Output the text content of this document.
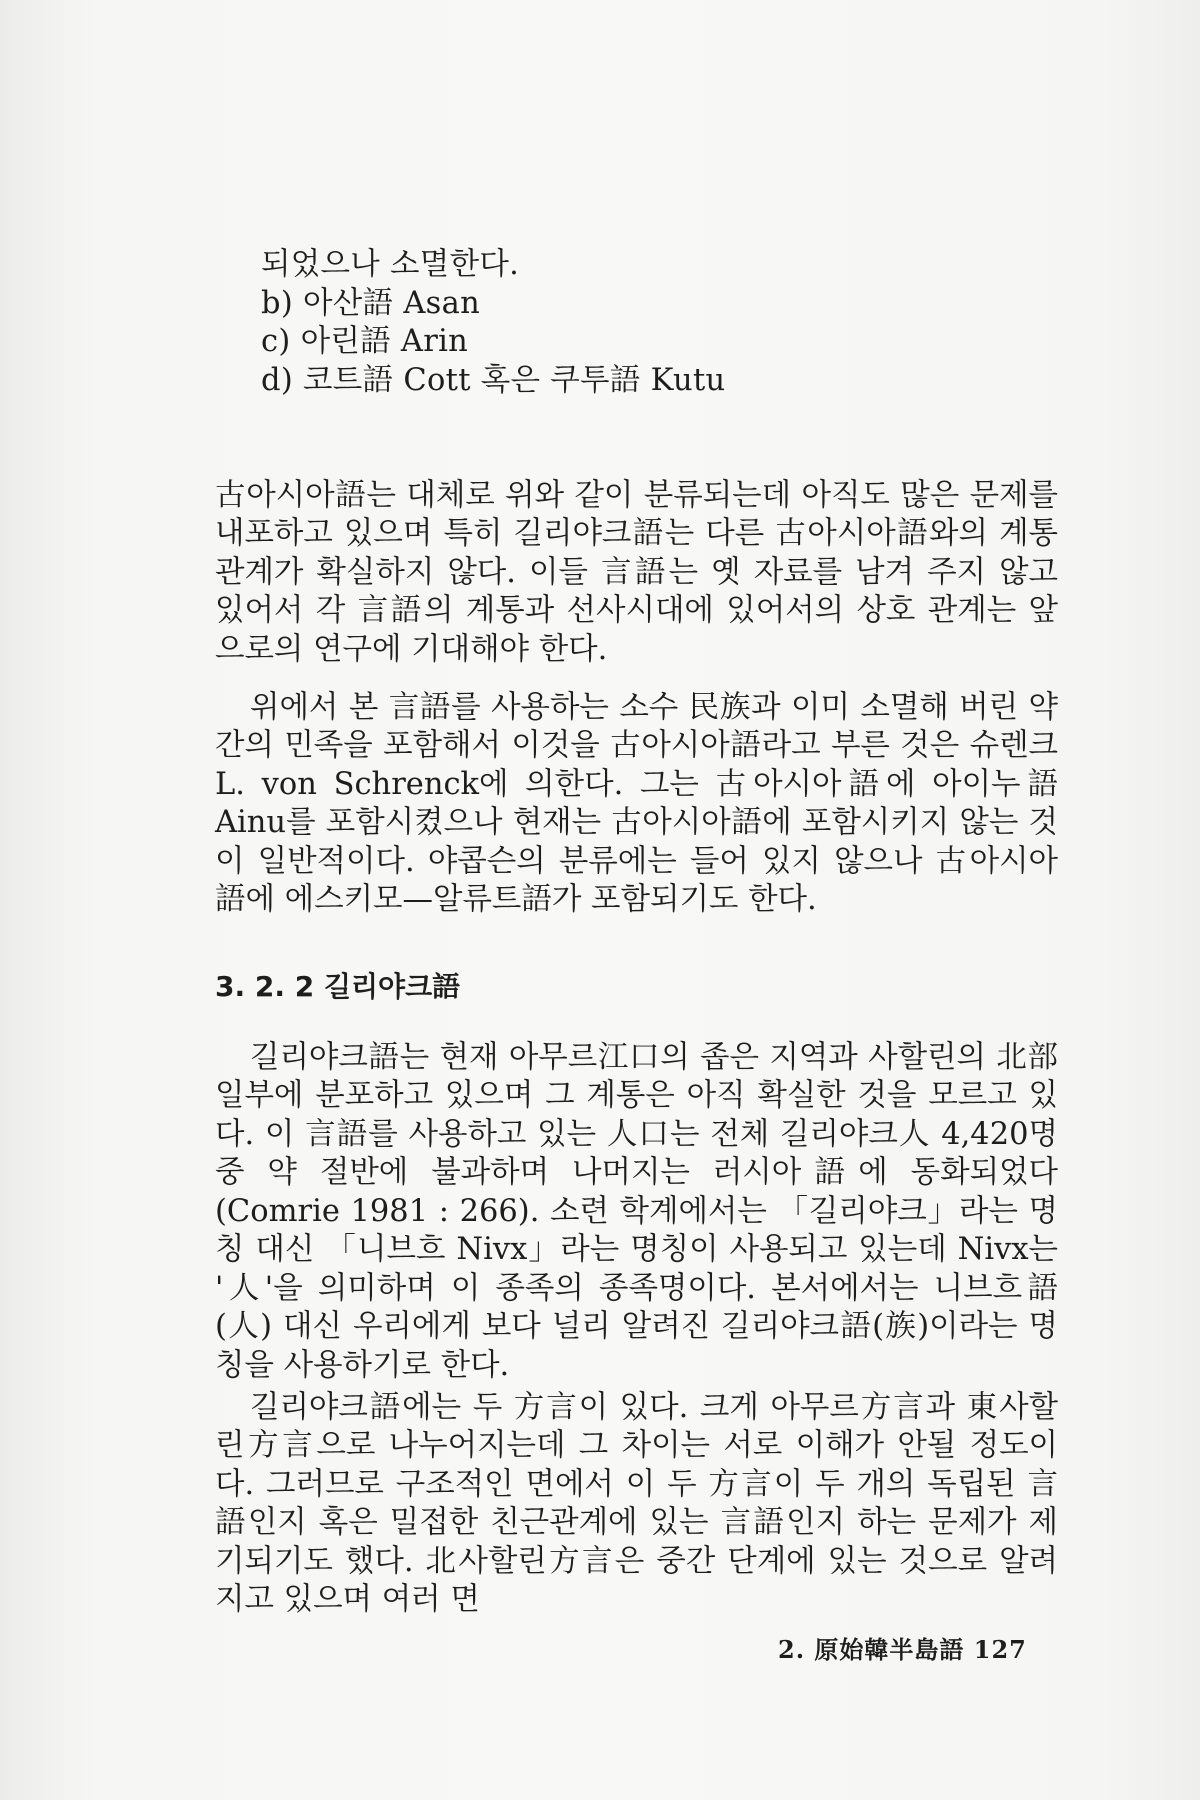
되었으나 소멸한다.
b) 아산語 Asan
c) 아린語 Arin
d) 코트語 Cott 혹은 쿠투語 Kutu

古아시아語는 대체로 위와 같이 분류되는데 아직도 많은 문제를 내포하고 있으며 특히 길리야크語는 다른 古아시아語와의 계통 관계가 확실하지 않다. 이들 言語는 옛 자료를 남겨 주지 않고 있어서 각 言語의 계통과 선사시대에 있어서의 상호 관계는 앞으로의 연구에 기대해야 한다.

위에서 본 言語를 사용하는 소수 民族과 이미 소멸해 버린 약간의 민족을 포함해서 이것을 古아시아語라고 부른 것은 슈렌크 L. von Schrenck에 의한다. 그는 古아시아語에 아이누語 Ainu를 포함시켰으나 현재는 古아시아語에 포함시키지 않는 것이 일반적이다. 야콥슨의 분류에는 들어 있지 않으나 古아시아語에 에스키모—알류트語가 포함되기도 한다.

3. 2. 2 길리야크語

길리야크語는 현재 아무르江口의 좁은 지역과 사할린의 北部 일부에 분포하고 있으며 그 계통은 아직 확실한 것을 모르고 있다. 이 言語를 사용하고 있는 人口는 전체 길리야크人 4,420명 중 약 절반에 불과하며 나머지는 러시아語에 동화되었다(Comrie 1981 : 266). 소련 학계에서는 「길리야크」라는 명칭 대신 「니브흐 Nivx」라는 명칭이 사용되고 있는데 Nivx는 '人'을 의미하며 이 종족의 종족명이다. 본서에서는 니브흐語(人) 대신 우리에게 보다 널리 알려진 길리야크語(族)이라는 명칭을 사용하기로 한다.

길리야크語에는 두 方言이 있다. 크게 아무르方言과 東사할린方言으로 나누어지는데 그 차이는 서로 이해가 안될 정도이다. 그러므로 구조적인 면에서 이 두 方言이 두 개의 독립된 言語인지 혹은 밀접한 친근관계에 있는 言語인지 하는 문제가 제기되기도 했다. 北사할린方言은 중간 단계에 있는 것으로 알려지고 있으며 여러 면

2. 原始韓半島語 127
